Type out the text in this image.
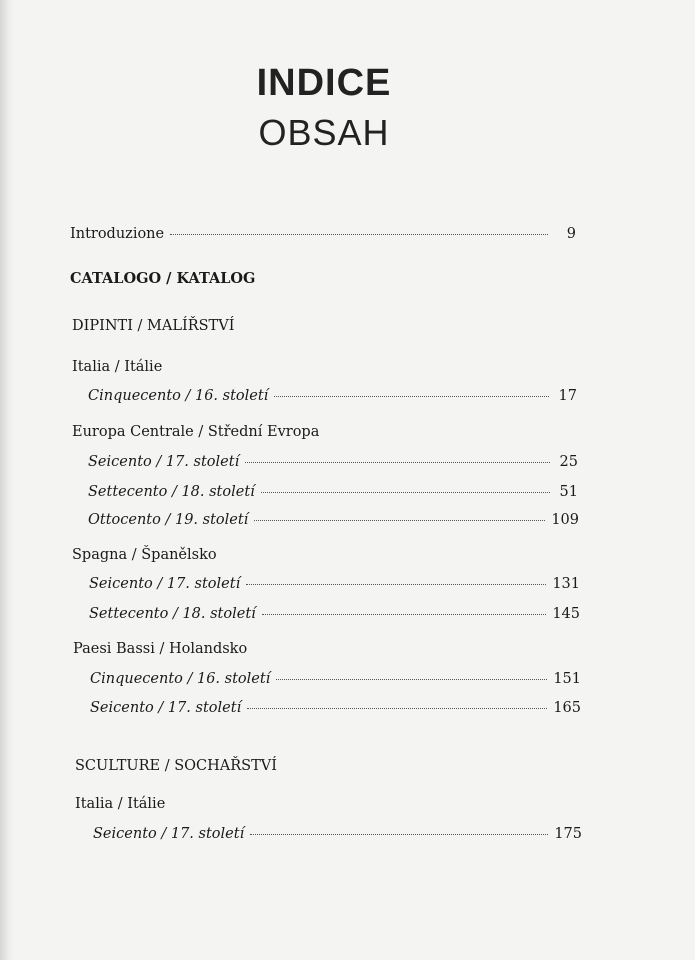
INDICE
OBSAH
Introduzione	9
CATALOGO / KATALOG
DIPINTI / MALÍŘSTVÍ
Italia / Itálie
Cinquecento / 16. století	17
Europa Centrale / Střední Evropa
Seicento / 17. století	25
Settecento / 18. století	51
Ottocento / 19. století	109
Spagna / Španělsko
Seicento / 17. století	131
Settecento / 18. století	145
Paesi Bassi / Holandsko
Cinquecento / 16. století	151
Seicento / 17. století	165
SCULTURE / SOCHAŘSTVÍ
Italia / Itálie
Seicento / 17. století	175
